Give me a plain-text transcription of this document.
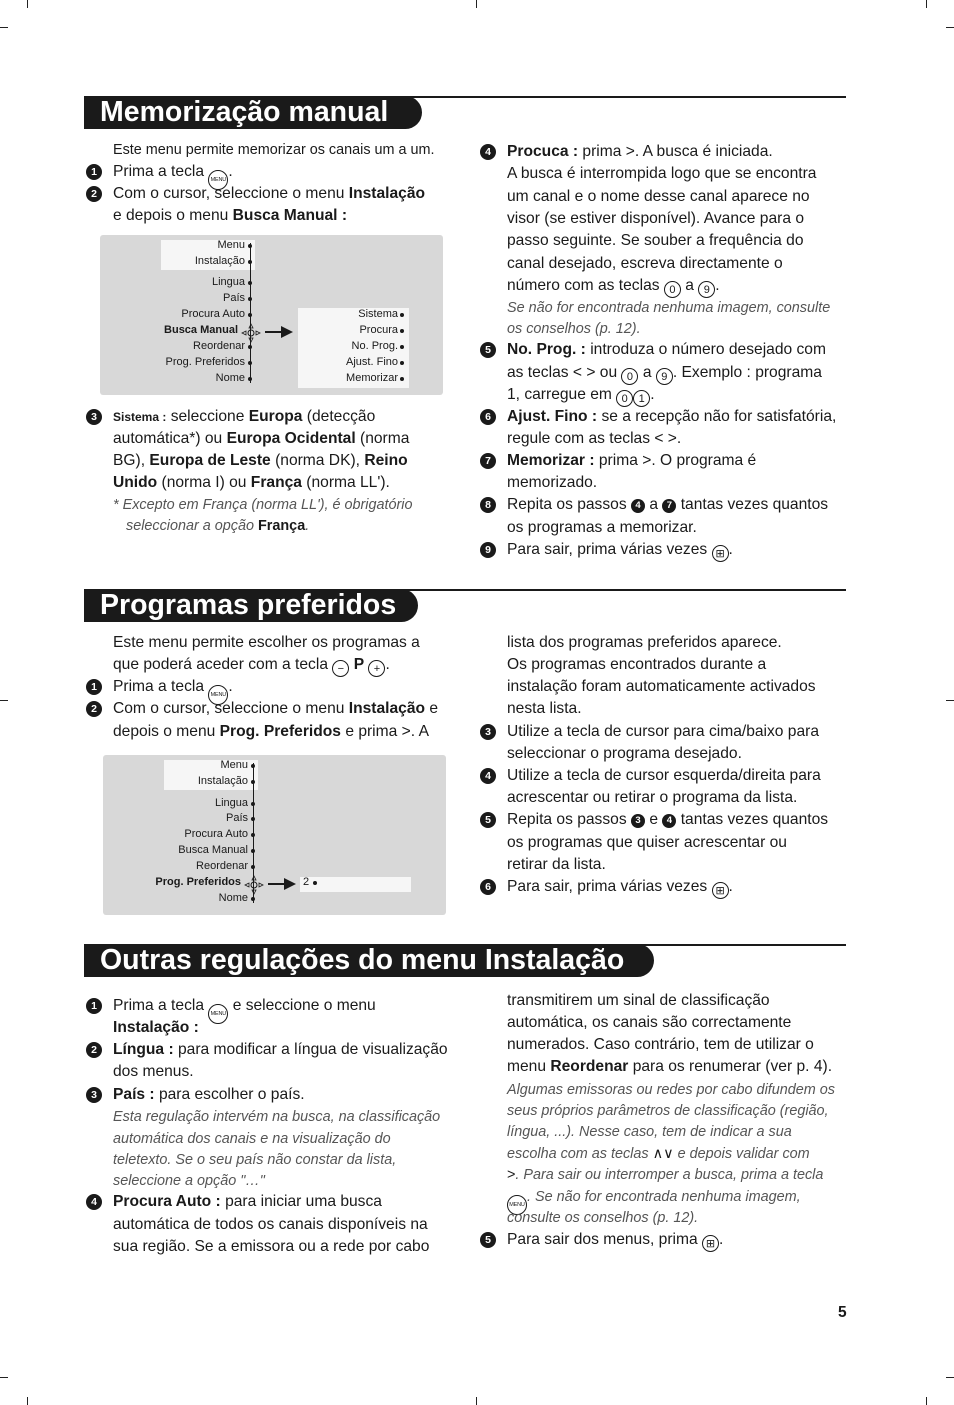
Memorização manual
Este menu permite memorizar os canais um a um.
1	Prima a tecla MENU .
2	Com o cursor, seleccione o menu Instalação
e depois o menu Busca Manual :
Menu
Instalação
Lingua
País
Procura Auto
Busca Manual
Reordenar
Prog. Preferidos
Nome
Sistema
Procura
No. Prog.
Ajust. Fino
Memorizar
3	Sistema : seleccione Europa (detecção
automática*) ou Europa Ocidental (norma
BG), Europa de Leste (norma DK), Reino
Unido (norma I) ou França (norma LL').
* Excepto em França (norma LL'), é obrigatório
seleccionar a opção França.
4	Procuca : prima >. A busca é iniciada.
A busca é interrompida logo que se encontra
um canal e o nome desse canal aparece no
visor (se estiver disponível). Avance para o
passo seguinte. Se souber a frequência do
canal desejado, escreva directamente o
número com as teclas 0 a 9 .
Se não for encontrada nenhuma imagem, consulte
os conselhos (p. 12).
5	No. Prog. : introduza o número desejado com
as teclas < > ou 0 a 9 . Exemplo : programa
1, carregue em 0 1 .
6	Ajust. Fino : se a recepção não for satisfatória,
regule com as teclas < >.
7	Memorizar : prima >. O programa é
memorizado.
8	Repita os passos 4 a 7 tantas vezes quantos
os programas a memorizar.
9	Para sair, prima várias vezes ⊞ .
Programas preferidos
Este menu permite escolher os programas a
que poderá aceder com a tecla − P + .
1	Prima a tecla MENU .
2	Com o cursor, seleccione o menu Instalação e
depois o menu Prog. Preferidos e prima >. A
Menu
Instalação
Lingua
País
Procura Auto
Busca Manual
Reordenar
Prog. Preferidos
Nome
2
lista dos programas preferidos aparece.
Os programas encontrados durante a
instalação foram automaticamente activados
nesta lista.
3	Utilize a tecla de cursor para cima/baixo para
seleccionar o programa desejado.
4	Utilize a tecla de cursor esquerda/direita para
acrescentar ou retirar o programa da lista.
5	Repita os passos 3 e 4 tantas vezes quantos
os programas que quiser acrescentar ou
retirar da lista.
6	Para sair, prima várias vezes ⊞ .
Outras regulações do menu Instalação
1	Prima a tecla MENU e seleccione o menu
Instalação :
2	Língua : para modificar a língua de visualização
dos menus.
3	País : para escolher o país.
Esta regulação intervém na busca, na classificação
automática dos canais e na visualização do
teletexto. Se o seu país não constar da lista,
seleccione a opção "…"
4	Procura Auto : para iniciar uma busca
automática de todos os canais disponíveis na
sua região. Se a emissora ou a rede por cabo
transmitirem um sinal de classificação
automática, os canais são correctamente
numerados. Caso contrário, tem de utilizar o
menu Reordenar para os renumerar (ver p. 4).
Algumas emissoras ou redes por cabo difundem os
seus próprios parâmetros de classificação (região,
língua, ...). Nesse caso, tem de indicar a sua
escolha com as teclas ∧∨ e depois validar com
>. Para sair ou interromper a busca, prima a tecla
MENU . Se não for encontrada nenhuma imagem,
consulte os conselhos (p. 12).
5	Para sair dos menus, prima ⊞ .
5
